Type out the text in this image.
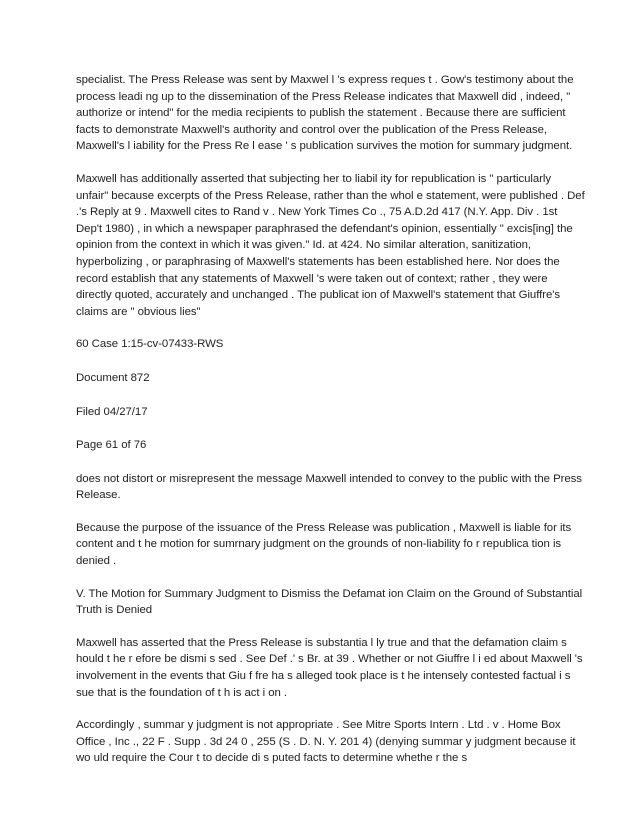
specialist. The Press Release was sent by Maxwel l 's express reques t . Gow's testimony about the process leadi ng up to the dissemination of the Press Release indicates that Maxwell did , indeed, " authorize or intend" for the media recipients to publish the statement . Because there are sufficient facts to demonstrate Maxwell's authority and control over the publication of the Press Release, Maxwell's l iability for the Press Re l ease ' s publication survives the motion for summary judgment.

Maxwell has additionally asserted that subjecting her to liabil ity for republication is " particularly unfair" because excerpts of the Press Release, rather than the whol e statement, were published . Def .'s Reply at 9 . Maxwell cites to Rand v . New York Times Co ., 75 A.D.2d 417 (N.Y. App. Div . 1st Dep't 1980) , in which a newspaper paraphrased the defendant's opinion, essentially " excis[ing] the opinion from the context in which it was given." Id. at 424. No similar alteration, sanitization, hyperbolizing , or paraphrasing of Maxwell's statements has been established here. Nor does the record establish that any statements of Maxwell 's were taken out of context; rather , they were directly quoted, accurately and unchanged . The publicat ion of Maxwell's statement that Giuffre's claims are " obvious lies"

60 Case 1:15-cv-07433-RWS

Document 872

Filed 04/27/17

Page 61 of 76

does not distort or misrepresent the message Maxwell intended to convey to the public with the Press Release.

Because the purpose of the issuance of the Press Release was publication , Maxwell is liable for its content and t he motion for sumrnary judgment on the grounds of non-liability fo r republica tion is denied .

V. The Motion for Summary Judgment to Dismiss the Defamat ion Claim on the Ground of Substantial Truth is Denied

Maxwell has asserted that the Press Release is substantia l ly true and that the defamation claim s hould t he r efore be dismi s sed . See Def .' s Br. at 39 . Whether or not Giuffre l i ed about Maxwell 's involvement in the events that Giu f fre ha s alleged took place is t he intensely contested factual i s sue that is the foundation of t h is act i on .

Accordingly , summar y judgment is not appropriate . See Mitre Sports Intern . Ltd . v . Home Box Office , Inc ., 22 F . Supp . 3d 24 0 , 255 (S . D. N. Y. 201 4) (denying summar y judgment because it wo uld require the Cour t to decide di s puted facts to determine whethe r the s
